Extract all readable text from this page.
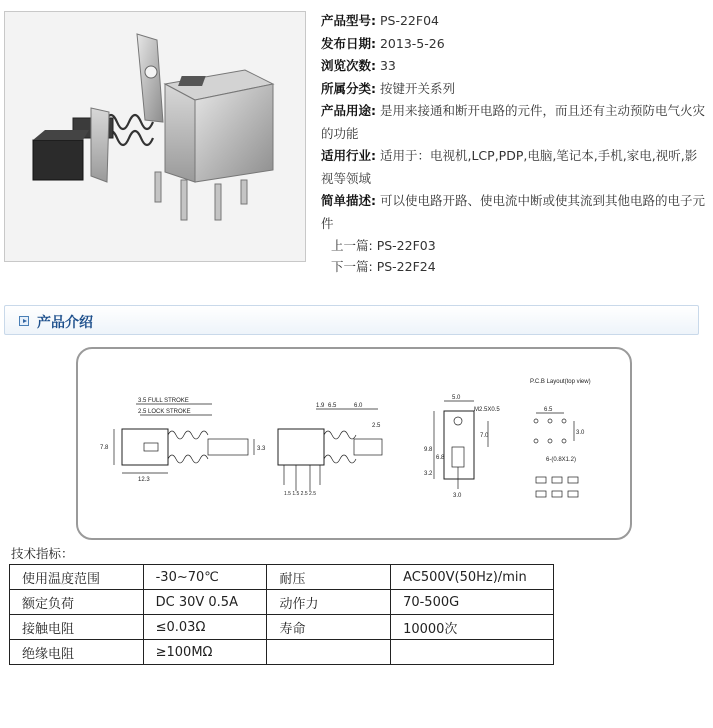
产品型号: PS-22F04
发布日期: 2013-5-26
浏览次数: 33
所属分类: 按键开关系列
产品用途: 是用来接通和断开电路的元件，而且还有主动预防电气火灾的功能
适用行业: 适用于：电视机,LCP,PDP,电脑,笔记本,手机,家电,视听,影视等领域
简单描述: 可以使电路开路、使电流中断或使其流到其他电路的电子元件
上一篇: PS-22F03
下一篇: PS-22F24
产品介绍
3.5 FULL STROKE
2.5 LOCK STROKE
7.8
12.3
3.3
1.9 6.5	6.0
2.5
1.5 1.5 2.5 2.5
5.0
M2.5X0.5
7.0
9.8
6.8
3.2
3.0
P.C.B Layout(top view)
6.5
3.0
6-(0.8X1.2)
技术指标：
使用温度范围	-30~70℃	耐压	AC500V(50Hz)/min
额定负荷	DC 30V 0.5A	动作力	70-500G
接触电阻	≤0.03Ω	寿命	10000次
绝缘电阻	≥100MΩ		
